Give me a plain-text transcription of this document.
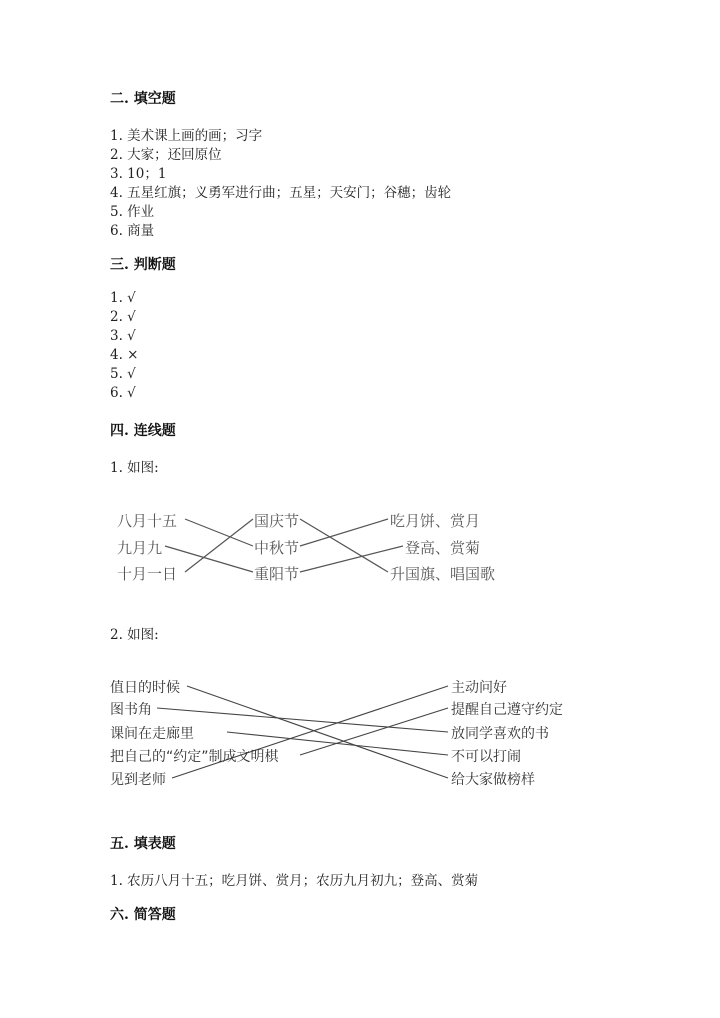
二. 填空题
1. 美术课上画的画；习字
2. 大家；还回原位
3. 10；1
4. 五星红旗；义勇军进行曲；五星；天安门；谷穗；齿轮
5. 作业
6. 商量
三. 判断题
1. √
2. √
3. √
4. ×
5. √
6. √
四. 连线题
1. 如图:
八月十五
九月九
十月一日
国庆节
中秋节
重阳节
吃月饼、赏月
登高、赏菊
升国旗、唱国歌
2. 如图:
值日的时候
图书角
课间在走廊里
把自己的“约定”制成文明棋
见到老师
主动问好
提醒自己遵守约定
放同学喜欢的书
不可以打闹
给大家做榜样
五. 填表题
1. 农历八月十五；吃月饼、赏月；农历九月初九；登高、赏菊
六. 简答题
